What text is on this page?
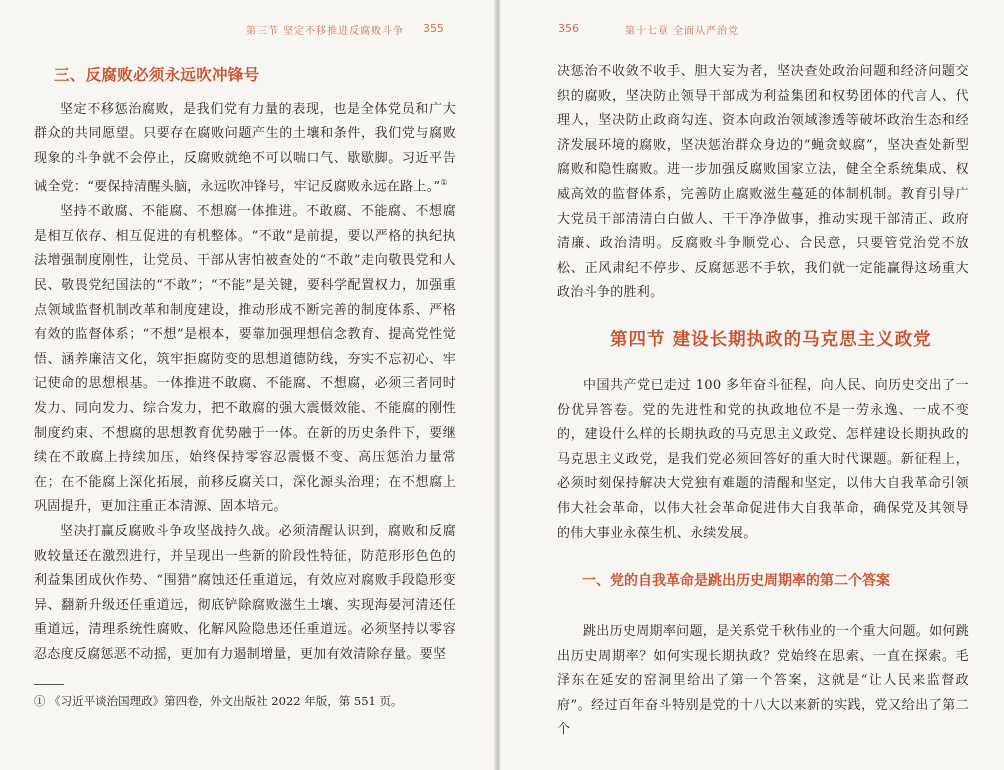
第三节 坚定不移推进反腐败斗争 355

三、反腐败必须永远吹冲锋号

坚定不移惩治腐败，是我们党有力量的表现，也是全体党员和广大群众的共同愿望。只要存在腐败问题产生的土壤和条件，我们党与腐败现象的斗争就不会停止，反腐败就绝不可以喘口气、歇歇脚。习近平告诫全党：“要保持清醒头脑，永远吹冲锋号，牢记反腐败永远在路上。”①

坚持不敢腐、不能腐、不想腐一体推进。不敢腐、不能腐、不想腐是相互依存、相互促进的有机整体。“不敢”是前提，要以严格的执纪执法增强制度刚性，让党员、干部从害怕被查处的“不敢”走向敬畏党和人民、敬畏党纪国法的“不敢”；“不能”是关键，要科学配置权力，加强重点领域监督机制改革和制度建设，推动形成不断完善的制度体系、严格有效的监督体系；“不想”是根本，要靠加强理想信念教育、提高党性觉悟、涵养廉洁文化，筑牢拒腐防变的思想道德防线，夯实不忘初心、牢记使命的思想根基。一体推进不敢腐、不能腐、不想腐，必须三者同时发力、同向发力、综合发力，把不敢腐的强大震慑效能、不能腐的刚性制度约束、不想腐的思想教育优势融于一体。在新的历史条件下，要继续在不敢腐上持续加压，始终保持零容忍震慑不变、高压惩治力量常在；在不能腐上深化拓展，前移反腐关口，深化源头治理；在不想腐上巩固提升，更加注重正本清源、固本培元。

坚决打赢反腐败斗争攻坚战持久战。必须清醒认识到，腐败和反腐败较量还在激烈进行，并呈现出一些新的阶段性特征，防范形形色色的利益集团成伙作势、“围猎”腐蚀还任重道远，有效应对腐败手段隐形变异、翻新升级还任重道远，彻底铲除腐败滋生土壤、实现海晏河清还任重道远，清理系统性腐败、化解风险隐患还任重道远。必须坚持以零容忍态度反腐惩恶不动摇，更加有力遏制增量，更加有效清除存量。要坚

① 《习近平谈治国理政》第四卷，外文出版社 2022 年版，第 551 页。
356	第十七章 全面从严治党

决惩治不收敛不收手、胆大妄为者，坚决查处政治问题和经济问题交织的腐败，坚决防止领导干部成为利益集团和权势团体的代言人、代理人，坚决防止政商勾连、资本向政治领域渗透等破坏政治生态和经济发展环境的腐败，坚决惩治群众身边的“蝇贪蚁腐”，坚决查处新型腐败和隐性腐败。进一步加强反腐败国家立法，健全全系统集成、权威高效的监督体系，完善防止腐败滋生蔓延的体制机制。教育引导广大党员干部清清白白做人、干干净净做事，推动实现干部清正、政府清廉、政治清明。反腐败斗争顺党心、合民意，只要管党治党不放松、正风肃纪不停步、反腐惩恶不手软，我们就一定能赢得这场重大政治斗争的胜利。

第四节 建设长期执政的马克思主义政党

中国共产党已走过 100 多年奋斗征程，向人民、向历史交出了一份优异答卷。党的先进性和党的执政地位不是一劳永逸、一成不变的，建设什么样的长期执政的马克思主义政党、怎样建设长期执政的马克思主义政党，是我们党必须回答好的重大时代课题。新征程上，必须时刻保持解决大党独有难题的清醒和坚定，以伟大自我革命引领伟大社会革命，以伟大社会革命促进伟大自我革命，确保党及其领导的伟大事业永葆生机、永续发展。

一、党的自我革命是跳出历史周期率的第二个答案

跳出历史周期率问题，是关系党千秋伟业的一个重大问题。如何跳出历史周期率？如何实现长期执政？党始终在思索、一直在探索。毛泽东在延安的窑洞里给出了第一个答案，这就是“让人民来监督政府”。经过百年奋斗特别是党的十八大以来新的实践，党又给出了第二个
